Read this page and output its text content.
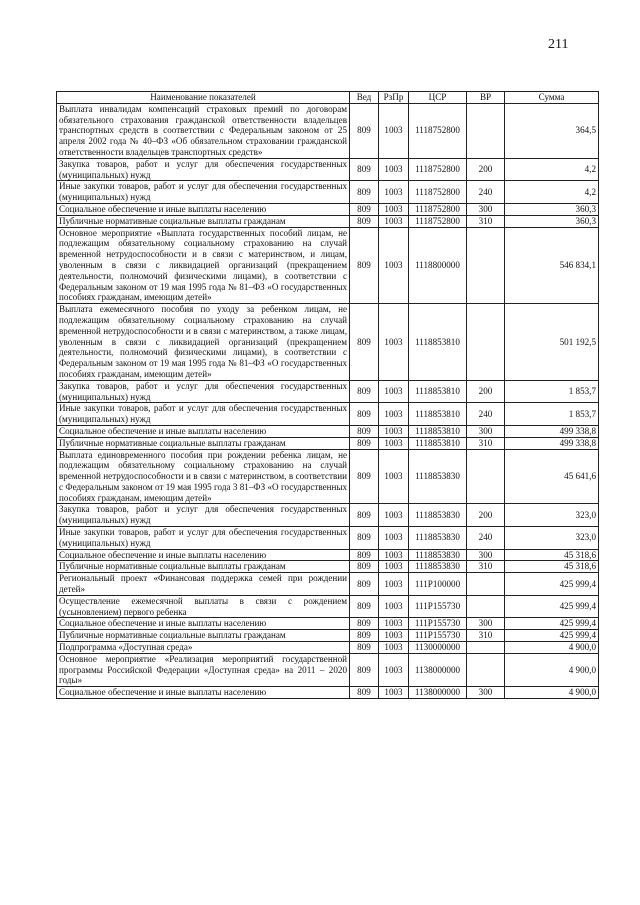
211
Наименование показателей	Вед	РзПр	ЦСР	ВР	Сумма
Выплата инвалидам компенсаций страховых премий по договорам обязательного страхования гражданской ответственности владельцев транспортных средств в соответствии с Федеральным законом от 25 апреля 2002 года № 40–ФЗ «Об обязательном страховании гражданской ответственности владельцев транспортных средств»	809	1003	1118752800		364,5
Закупка товаров, работ и услуг для обеспечения государственных (муниципальных) нужд	809	1003	1118752800	200	4,2
Иные закупки товаров, работ и услуг для обеспечения государственных (муниципальных) нужд	809	1003	1118752800	240	4,2
Социальное обеспечение и иные выплаты населению	809	1003	1118752800	300	360,3
Публичные нормативные социальные выплаты гражданам	809	1003	1118752800	310	360,3
Основное мероприятие «Выплата государственных пособий лицам, не подлежащим обязательному социальному страхованию на случай временной нетрудоспособности и в связи с материнством, и лицам, уволенным в связи с ликвидацией организаций (прекращением деятельности, полномочий физическими лицами), в соответствии с Федеральным законом от 19 мая 1995 года № 81–ФЗ «О государственных пособиях гражданам, имеющим детей»	809	1003	1118800000		546 834,1
Выплата ежемесячного пособия по уходу за ребенком лицам, не подлежащим обязательному социальному страхованию на случай временной нетрудоспособности и в связи с материнством, а также лицам, уволенным в связи с ликвидацией организаций (прекращением деятельности, полномочий физическими лицами), в соответствии с Федеральным законом от 19 мая 1995 года № 81–ФЗ «О государственных пособиях гражданам, имеющим детей»	809	1003	1118853810		501 192,5
Закупка товаров, работ и услуг для обеспечения государственных (муниципальных) нужд	809	1003	1118853810	200	1 853,7
Иные закупки товаров, работ и услуг для обеспечения государственных (муниципальных) нужд	809	1003	1118853810	240	1 853,7
Социальное обеспечение и иные выплаты населению	809	1003	1118853810	300	499 338,8
Публичные нормативные социальные выплаты гражданам	809	1003	1118853810	310	499 338,8
Выплата единовременного пособия при рождении ребенка лицам, не подлежащим обязательному социальному страхованию на случай временной нетрудоспособности и в связи с материнством, в соответствии с Федеральным законом от 19 мая 1995 года 3 81–ФЗ «О государственных пособиях гражданам, имеющим детей»	809	1003	1118853830		45 641,6
Закупка товаров, работ и услуг для обеспечения государственных (муниципальных) нужд	809	1003	1118853830	200	323,0
Иные закупки товаров, работ и услуг для обеспечения государственных (муниципальных) нужд	809	1003	1118853830	240	323,0
Социальное обеспечение и иные выплаты населению	809	1003	1118853830	300	45 318,6
Публичные нормативные социальные выплаты гражданам	809	1003	1118853830	310	45 318,6
Региональный проект «Финансовая поддержка семей при рождении детей»	809	1003	111P100000		425 999,4
Осуществление ежемесячной выплаты в связи с рождением (усыновлением) первого ребенка	809	1003	111P155730		425 999,4
Социальное обеспечение и иные выплаты населению	809	1003	111P155730	300	425 999,4
Публичные нормативные социальные выплаты гражданам	809	1003	111P155730	310	425 999,4
Подпрограмма «Доступная среда»	809	1003	1130000000		4 900,0
Основное мероприятие «Реализация мероприятий государственной программы Российской Федерации «Доступная среда» на 2011 – 2020 годы»	809	1003	1138000000		4 900,0
Социальное обеспечение и иные выплаты населению	809	1003	1138000000	300	4 900,0
